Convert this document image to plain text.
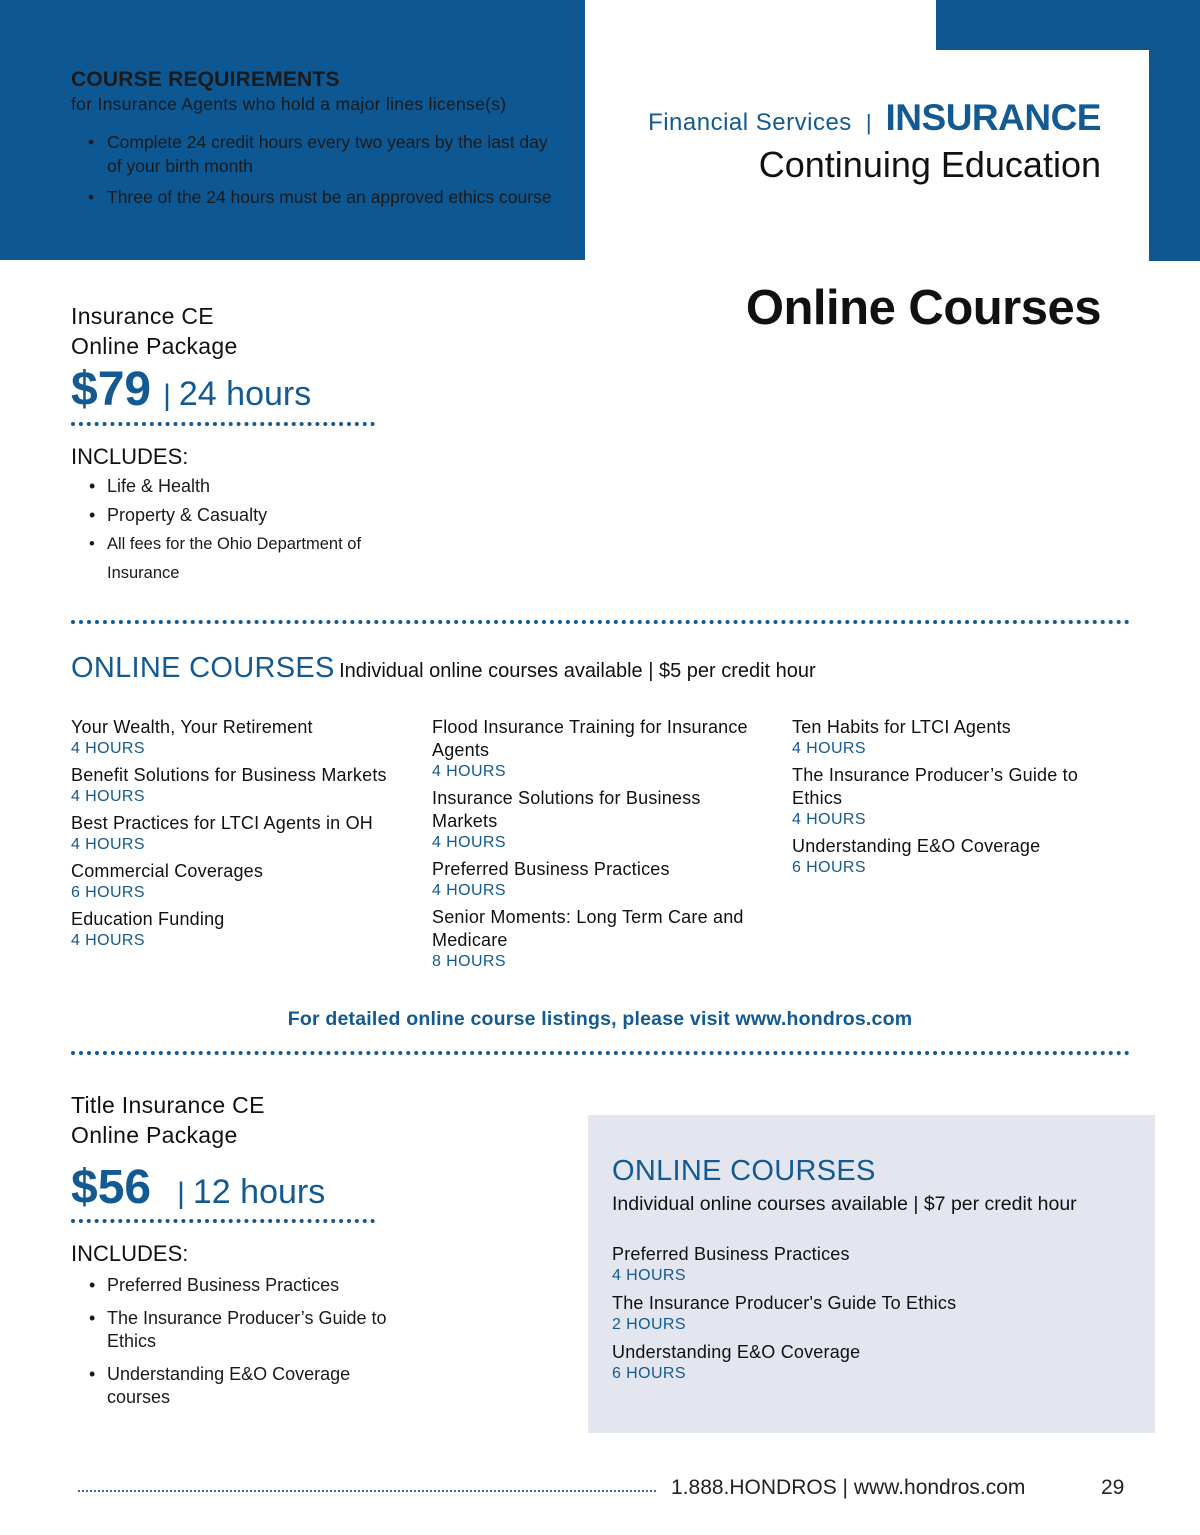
COURSE REQUIREMENTS
for Insurance Agents who hold a major lines license(s)
• Complete 24 credit hours every two years by the last day of your birth month
• Three of the 24 hours must be an approved ethics course
Financial Services | INSURANCE
Continuing Education
Online Courses
Insurance CE
Online Package
$79 | 24 hours
INCLUDES:
• Life & Health
• Property & Casualty
• All fees for the Ohio Department of
Insurance
ONLINE COURSES Individual online courses available | $5 per credit hour
Your Wealth, Your Retirement
4 HOURS
Benefit Solutions for Business Markets
4 HOURS
Best Practices for LTCI Agents in OH
4 HOURS
Commercial Coverages
6 HOURS
Education Funding
4 HOURS
Flood Insurance Training for Insurance Agents
4 HOURS
Insurance Solutions for Business Markets
4 HOURS
Preferred Business Practices
4 HOURS
Senior Moments: Long Term Care and Medicare
8 HOURS
Ten Habits for LTCI Agents
4 HOURS
The Insurance Producer’s Guide to Ethics
4 HOURS
Understanding E&O Coverage
6 HOURS
For detailed online course listings, please visit www.hondros.com
Title Insurance CE
Online Package
$56 | 12 hours
INCLUDES:
• Preferred Business Practices
• The Insurance Producer’s Guide to Ethics
• Understanding E&O Coverage courses
ONLINE COURSES
Individual online courses available | $7 per credit hour
Preferred Business Practices
4 HOURS
The Insurance Producer's Guide To Ethics
2 HOURS
Understanding E&O Coverage
6 HOURS
1.888.HONDROS | www.hondros.com	29
